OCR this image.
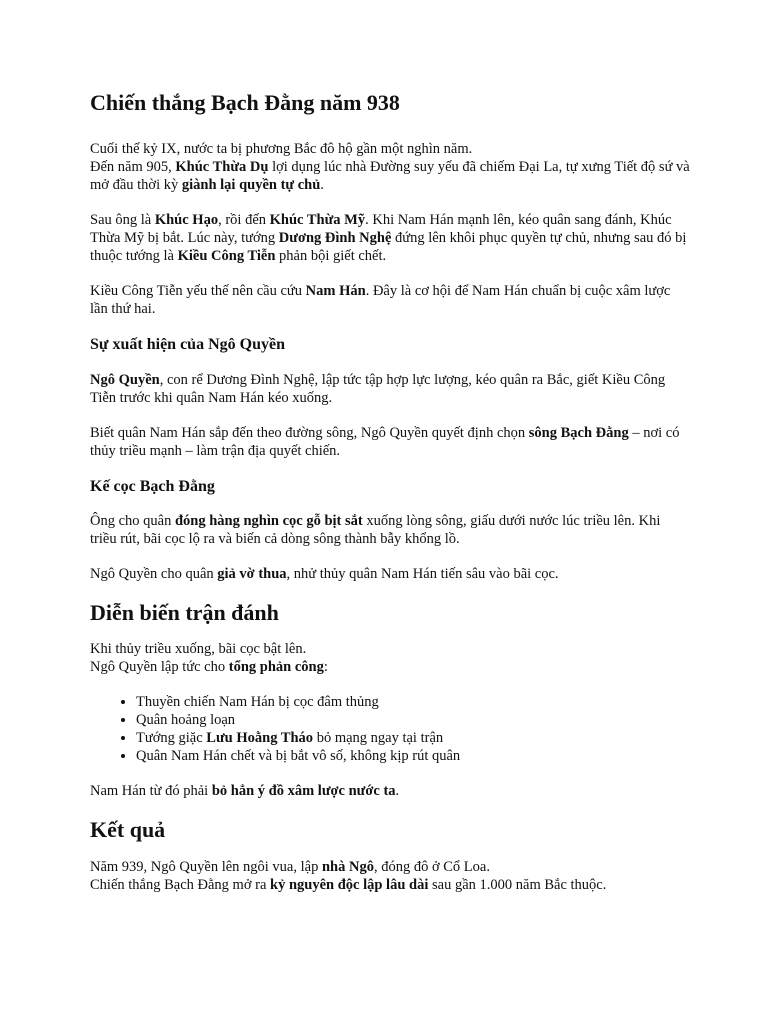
Chiến thắng Bạch Đằng năm 938

Cuối thế kỷ IX, nước ta bị phương Bắc đô hộ gần một nghìn năm.
Đến năm 905, Khúc Thừa Dụ lợi dụng lúc nhà Đường suy yếu đã chiếm Đại La, tự xưng Tiết độ sứ và mở đầu thời kỳ giành lại quyền tự chủ.

Sau ông là Khúc Hạo, rồi đến Khúc Thừa Mỹ. Khi Nam Hán mạnh lên, kéo quân sang đánh, Khúc Thừa Mỹ bị bắt. Lúc này, tướng Dương Đình Nghệ đứng lên khôi phục quyền tự chủ, nhưng sau đó bị thuộc tướng là Kiều Công Tiễn phản bội giết chết.

Kiều Công Tiễn yếu thế nên cầu cứu Nam Hán. Đây là cơ hội để Nam Hán chuẩn bị cuộc xâm lược lần thứ hai.

Sự xuất hiện của Ngô Quyền

Ngô Quyền, con rể Dương Đình Nghệ, lập tức tập hợp lực lượng, kéo quân ra Bắc, giết Kiều Công Tiễn trước khi quân Nam Hán kéo xuống.

Biết quân Nam Hán sắp đến theo đường sông, Ngô Quyền quyết định chọn sông Bạch Đằng – nơi có thủy triều mạnh – làm trận địa quyết chiến.

Kế cọc Bạch Đằng

Ông cho quân đóng hàng nghìn cọc gỗ bịt sắt xuống lòng sông, giấu dưới nước lúc triều lên. Khi triều rút, bãi cọc lộ ra và biến cả dòng sông thành bẫy khổng lồ.

Ngô Quyền cho quân giả vờ thua, nhử thủy quân Nam Hán tiến sâu vào bãi cọc.

Diễn biến trận đánh

Khi thủy triều xuống, bãi cọc bật lên.
Ngô Quyền lập tức cho tổng phản công:

• Thuyền chiến Nam Hán bị cọc đâm thủng
• Quân hoảng loạn
• Tướng giặc Lưu Hoằng Tháo bỏ mạng ngay tại trận
• Quân Nam Hán chết và bị bắt vô số, không kịp rút quân

Nam Hán từ đó phải bỏ hẳn ý đồ xâm lược nước ta.

Kết quả

Năm 939, Ngô Quyền lên ngôi vua, lập nhà Ngô, đóng đô ở Cổ Loa.
Chiến thắng Bạch Đằng mở ra kỷ nguyên độc lập lâu dài sau gần 1.000 năm Bắc thuộc.
